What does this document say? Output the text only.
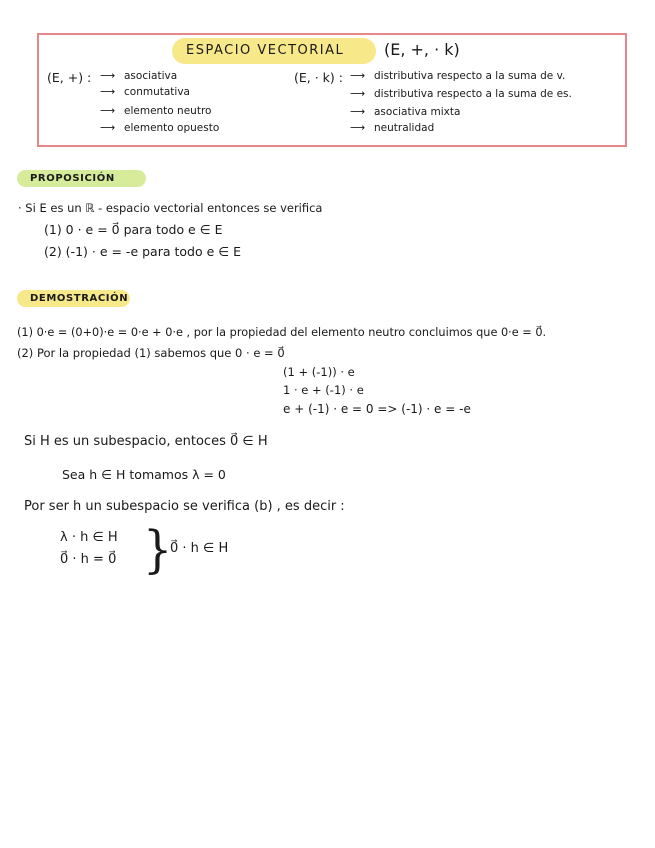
ESPACIO VECTORIAL (E, +, · k)
(E, +) : ⟶ asociativa
⟶ conmutativa
⟶ elemento neutro
⟶ elemento opuesto
(E, · k) : ⟶ distributiva respecto a la suma de v.
⟶ distributiva respecto a la suma de es.
⟶ asociativa mixta
⟶ neutralidad
PROPOSICIÓN
· Si E es un ℝ - espacio vectorial entonces se verifica
(1) 0 · e = 0⃗ para todo e ∈ E
(2) (-1) · e = -e para todo e ∈ E
DEMOSTRACIÓN
(1) 0·e = (0+0)·e = 0·e + 0·e , por la propiedad del elemento neutro concluimos que 0·e = 0⃗.
(2) Por la propiedad (1) sabemos que 0 · e = 0⃗
(1 + (-1)) · e
1 · e + (-1) · e
e + (-1) · e = 0 => (-1) · e = -e
Si H es un subespacio, entoces 0⃗ ∈ H
Sea h ∈ H tomamos λ = 0
Por ser h un subespacio se verifica (b) , es decir :
λ · h ∈ H
0⃗ · h = 0⃗ }
0⃗ · h ∈ H
